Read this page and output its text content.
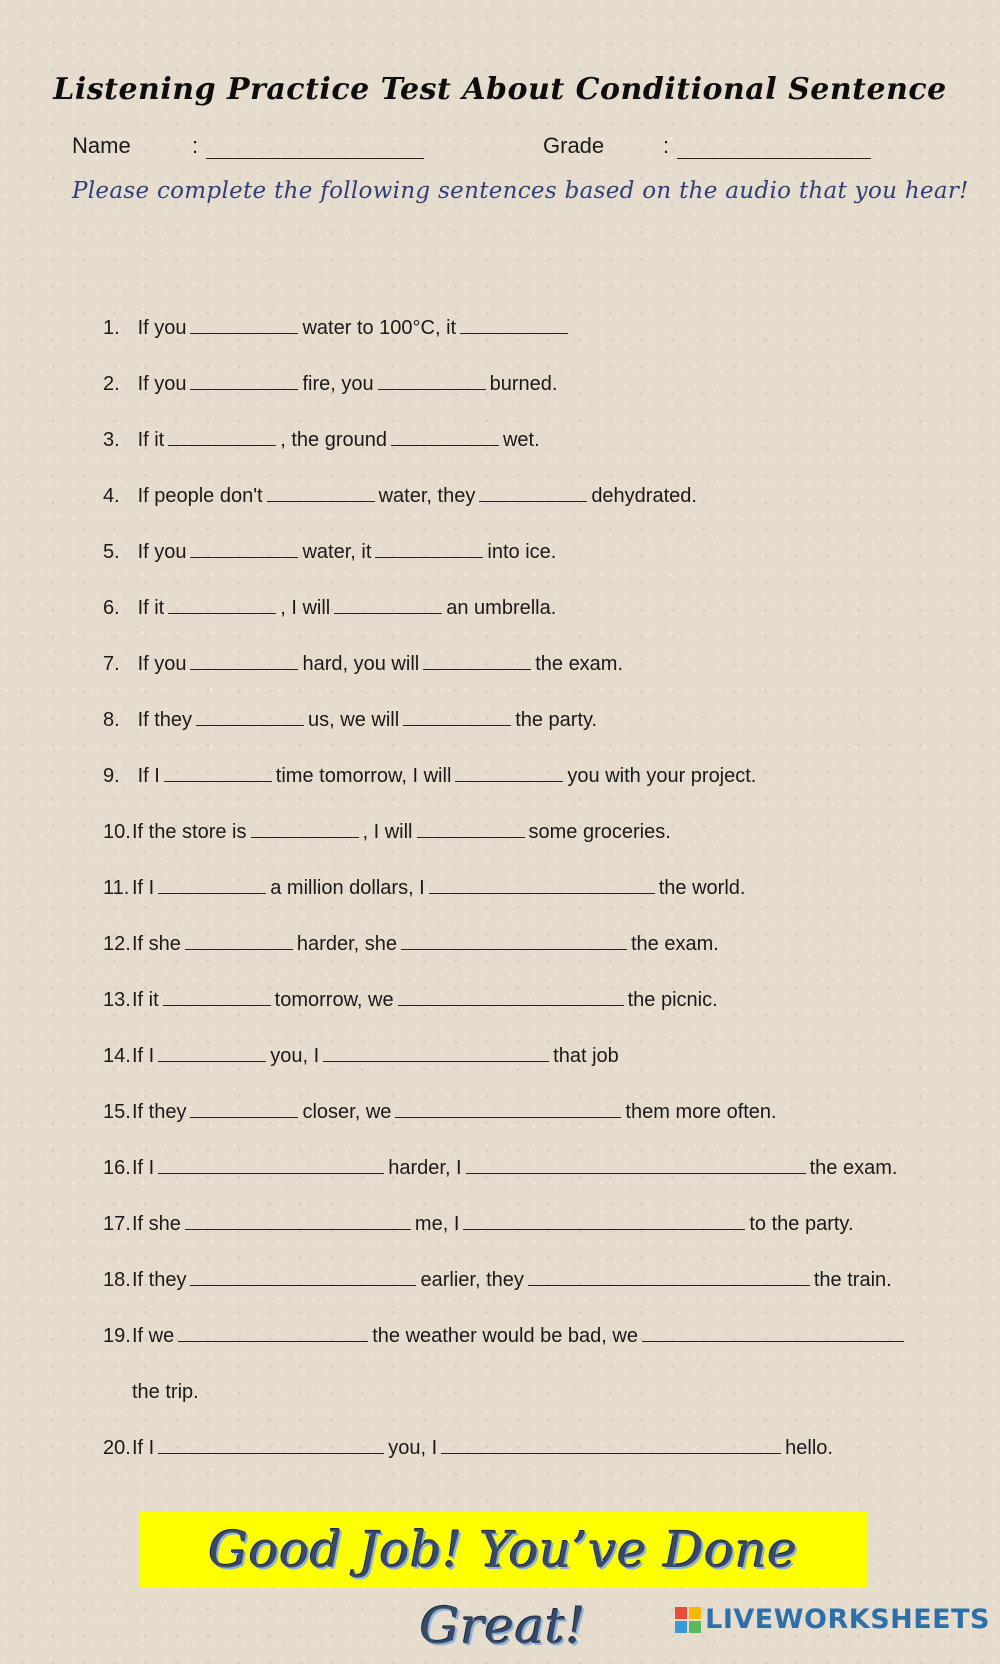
Listening Practice Test About Conditional Sentence
Name	:	Grade	:
Please complete the following sentences based on the audio that you hear!
1. If you	water to 100°C, it
2. If you	fire, you	burned.
3. If it	, the ground	wet.
4. If people don't	water, they	dehydrated.
5. If you	water, it	into ice.
6. If it	, I will	an umbrella.
7. If you	hard, you will	the exam.
8. If they	us, we will	the party.
9. If I	time tomorrow, I will	you with your project.
10.If the store is	, I will	some groceries.
11. If I	a million dollars, I	the world.
12.If she	harder, she	the exam.
13.If it	tomorrow, we	the picnic.
14.If I	you, I	that job
15.If they	closer, we	them more often.
16.If I	harder, I	the exam.
17.If she	me, I	to the party.
18.If they	earlier, they	the train.
19.If we	the weather would be bad, we
the trip.
20.If I	you, I	hello.
Good Job! You’ve Done Great!	LIVEWORKSHEETS
